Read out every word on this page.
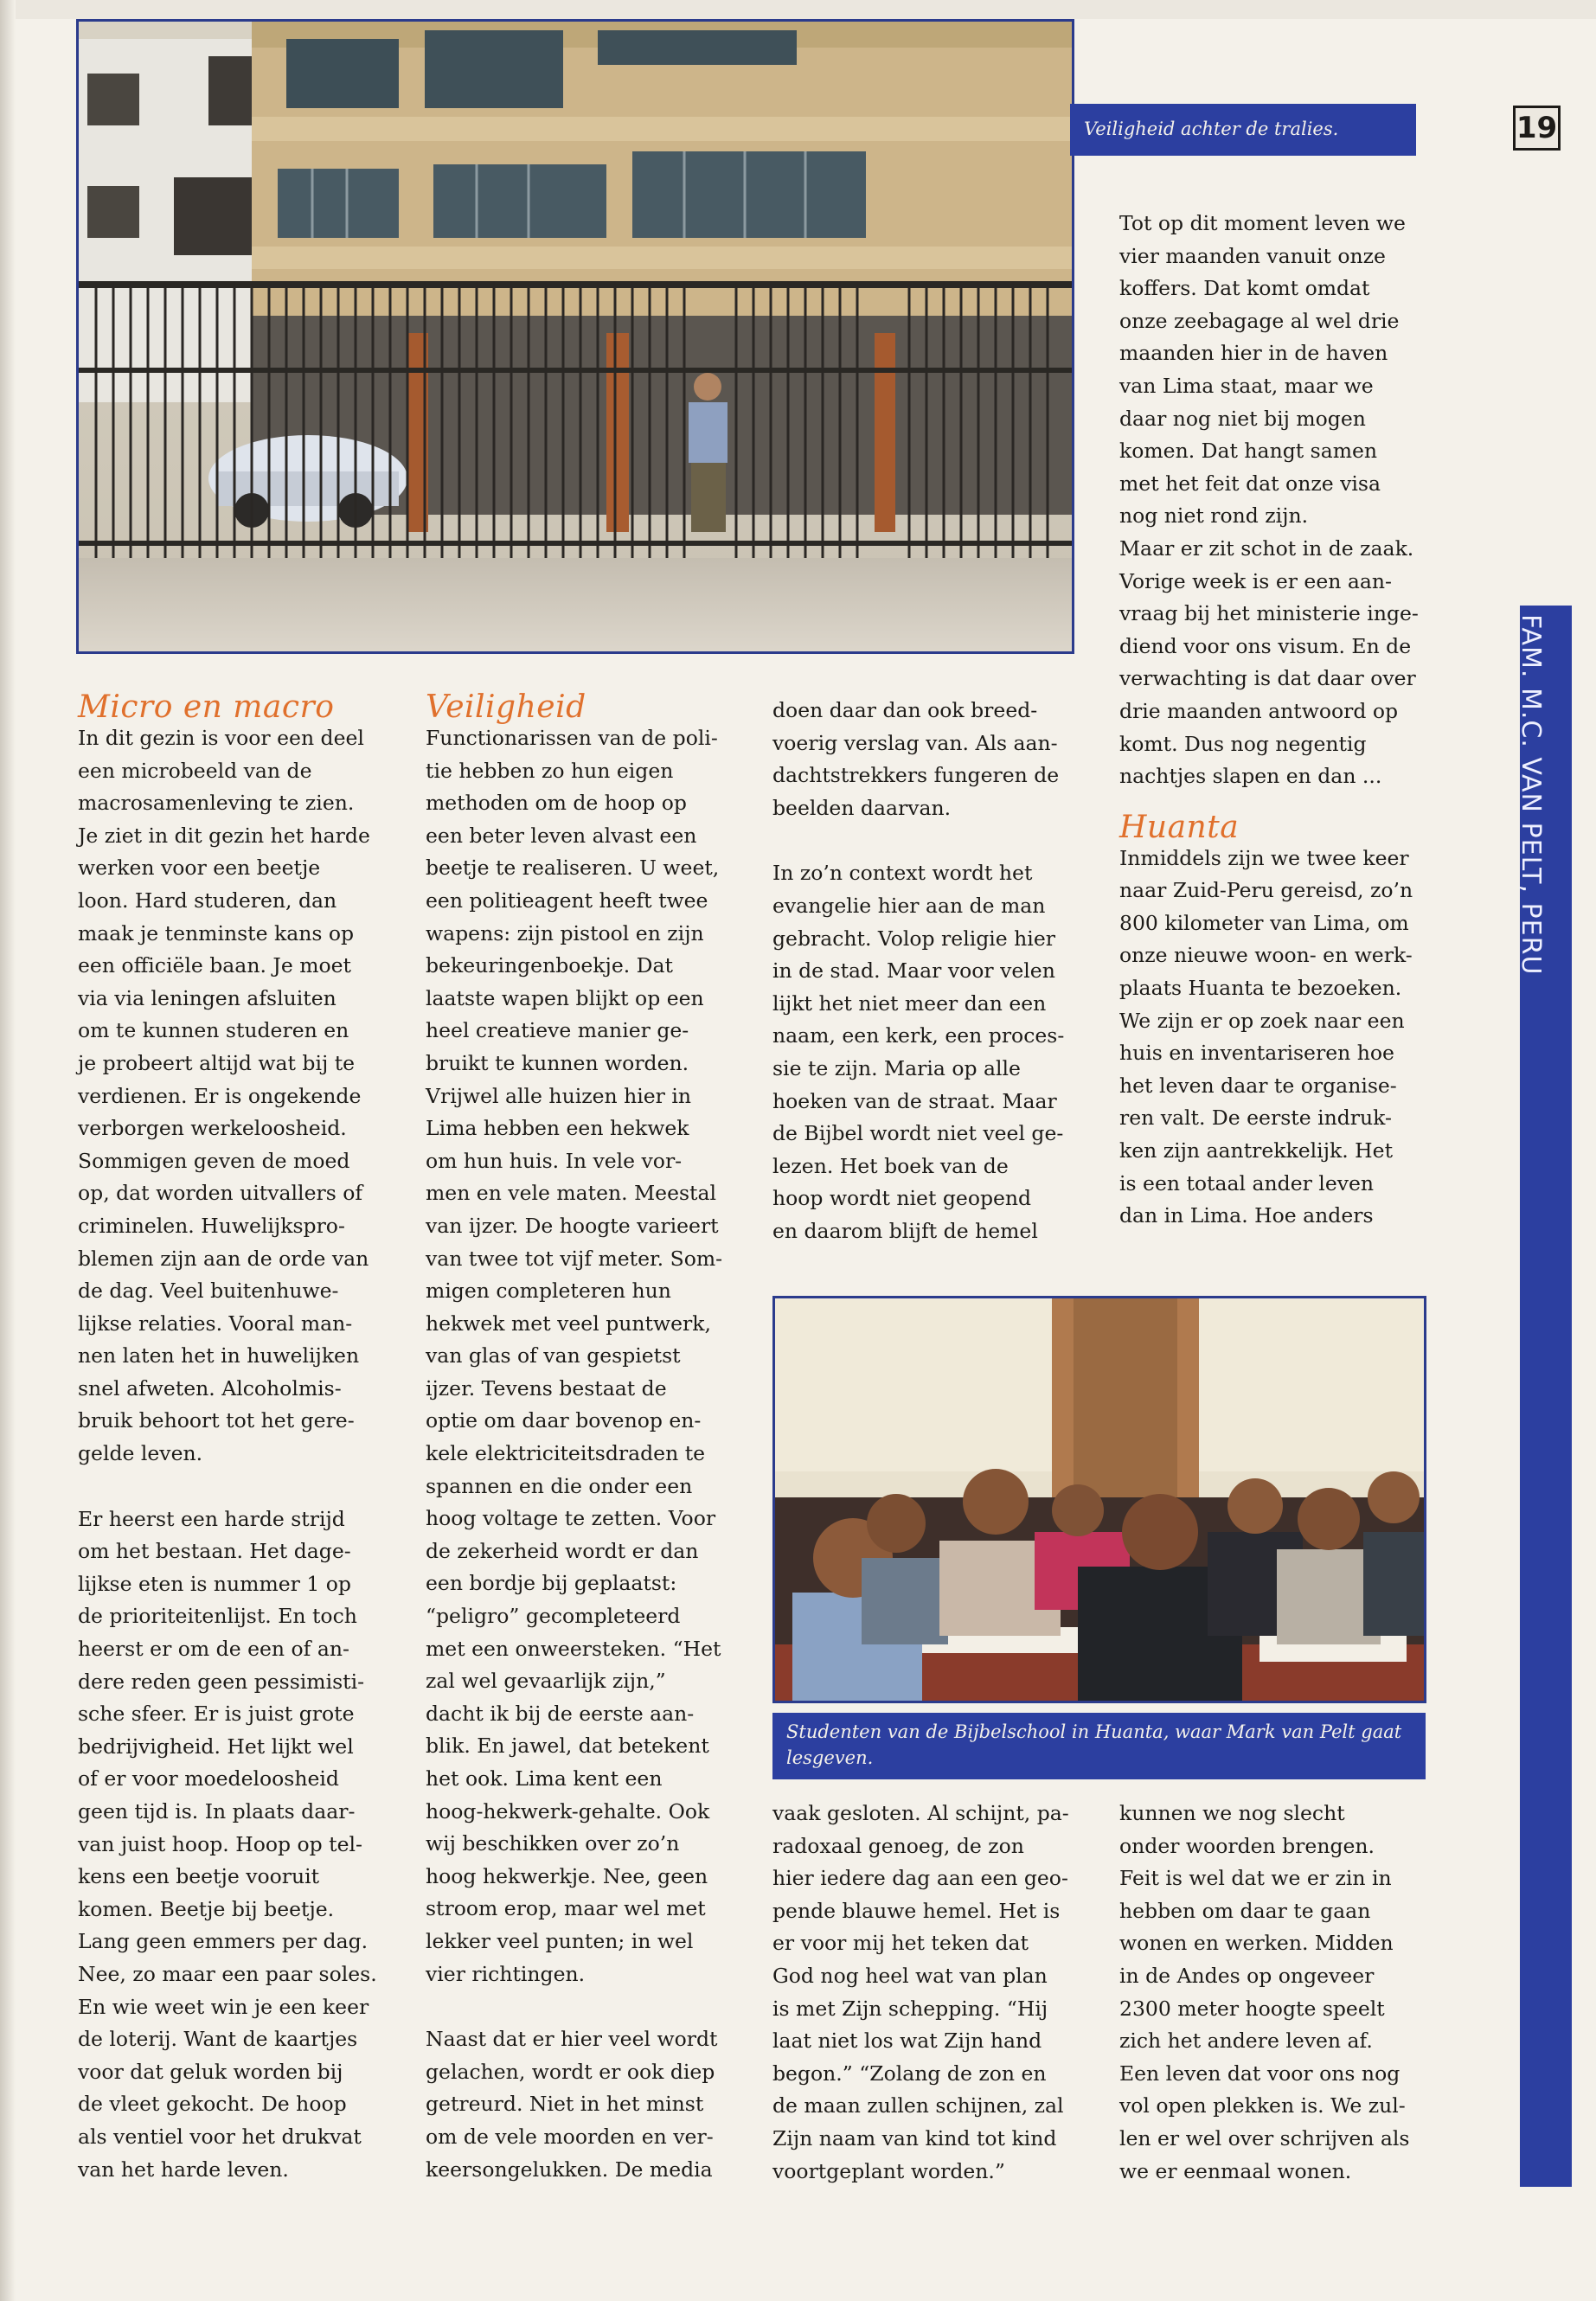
Veiligheid achter de tralies.	19
FAM. M.C. VAN PELT, PERU
Micro en macro

In dit gezin is voor een deel
een microbeeld van de
macrosamenleving te zien.
Je ziet in dit gezin het harde
werken voor een beetje
loon. Hard studeren, dan
maak je tenminste kans op
een officiële baan. Je moet
via via leningen afsluiten
om te kunnen studeren en
je probeert altijd wat bij te
verdienen. Er is ongekende
verborgen werkeloosheid.
Sommigen geven de moed
op, dat worden uitvallers of
criminelen. Huwelijkspro-
blemen zijn aan de orde van
de dag. Veel buitenhuwe-
lijkse relaties. Vooral man-
nen laten het in huwelijken
snel afweten. Alcoholmis-
bruik behoort tot het gere-
gelde leven.

Er heerst een harde strijd
om het bestaan. Het dage-
lijkse eten is nummer 1 op
de prioriteitenlijst. En toch
heerst er om de een of an-
dere reden geen pessimisti-
sche sfeer. Er is juist grote
bedrijvigheid. Het lijkt wel
of er voor moedeloosheid
geen tijd is. In plaats daar-
van juist hoop. Hoop op tel-
kens een beetje vooruit
komen. Beetje bij beetje.
Lang geen emmers per dag.
Nee, zo maar een paar soles.
En wie weet win je een keer
de loterij. Want de kaartjes
voor dat geluk worden bij
de vleet gekocht. De hoop
als ventiel voor het drukvat
van het harde leven.

Veiligheid

Functionarissen van de poli-
tie hebben zo hun eigen
methoden om de hoop op
een beter leven alvast een
beetje te realiseren. U weet,
een politieagent heeft twee
wapens: zijn pistool en zijn
bekeuringenboekje. Dat
laatste wapen blijkt op een
heel creatieve manier ge-
bruikt te kunnen worden.
Vrijwel alle huizen hier in
Lima hebben een hekwek
om hun huis. In vele vor-
men en vele maten. Meestal
van ijzer. De hoogte varieert
van twee tot vijf meter. Som-
migen completeren hun
hekwek met veel puntwerk,
van glas of van gespietst
ijzer. Tevens bestaat de
optie om daar bovenop en-
kele elektriciteitsdraden te
spannen en die onder een
hoog voltage te zetten. Voor
de zekerheid wordt er dan
een bordje bij geplaatst:
“peligro” gecompleteerd
met een onweersteken. “Het
zal wel gevaarlijk zijn,”
dacht ik bij de eerste aan-
blik. En jawel, dat betekent
het ook. Lima kent een
hoog-hekwerk-gehalte. Ook
wij beschikken over zo’n
hoog hekwerkje. Nee, geen
stroom erop, maar wel met
lekker veel punten; in wel
vier richtingen.

Naast dat er hier veel wordt
gelachen, wordt er ook diep
getreurd. Niet in het minst
om de vele moorden en ver-
keersongelukken. De media

doen daar dan ook breed-
voerig verslag van. Als aan-
dachtstrekkers fungeren de
beelden daarvan.

In zo’n context wordt het
evangelie hier aan de man
gebracht. Volop religie hier
in de stad. Maar voor velen
lijkt het niet meer dan een
naam, een kerk, een proces-
sie te zijn. Maria op alle
hoeken van de straat. Maar
de Bijbel wordt niet veel ge-
lezen. Het boek van de
hoop wordt niet geopend
en daarom blijft de hemel

Tot op dit moment leven we
vier maanden vanuit onze
koffers. Dat komt omdat
onze zeebagage al wel drie
maanden hier in de haven
van Lima staat, maar we
daar nog niet bij mogen
komen. Dat hangt samen
met het feit dat onze visa
nog niet rond zijn.
Maar er zit schot in de zaak.
Vorige week is er een aan-
vraag bij het ministerie inge-
diend voor ons visum. En de
verwachting is dat daar over
drie maanden antwoord op
komt. Dus nog negentig
nachtjes slapen en dan ...

Huanta

Inmiddels zijn we twee keer
naar Zuid-Peru gereisd, zo’n
800 kilometer van Lima, om
onze nieuwe woon- en werk-
plaats Huanta te bezoeken.
We zijn er op zoek naar een
huis en inventariseren hoe
het leven daar te organise-
ren valt. De eerste indruk-
ken zijn aantrekkelijk. Het
is een totaal ander leven
dan in Lima. Hoe anders

Studenten van de Bijbelschool in Huanta, waar Mark van Pelt gaat lesgeven.

vaak gesloten. Al schijnt, pa-
radoxaal genoeg, de zon
hier iedere dag aan een geo-
pende blauwe hemel. Het is
er voor mij het teken dat
God nog heel wat van plan
is met Zijn schepping. “Hij
laat niet los wat Zijn hand
begon.” “Zolang de zon en
de maan zullen schijnen, zal
Zijn naam van kind tot kind
voortgeplant worden.”

kunnen we nog slecht
onder woorden brengen.
Feit is wel dat we er zin in
hebben om daar te gaan
wonen en werken. Midden
in de Andes op ongeveer
2300 meter hoogte speelt
zich het andere leven af.
Een leven dat voor ons nog
vol open plekken is. We zul-
len er wel over schrijven als
we er eenmaal wonen.
